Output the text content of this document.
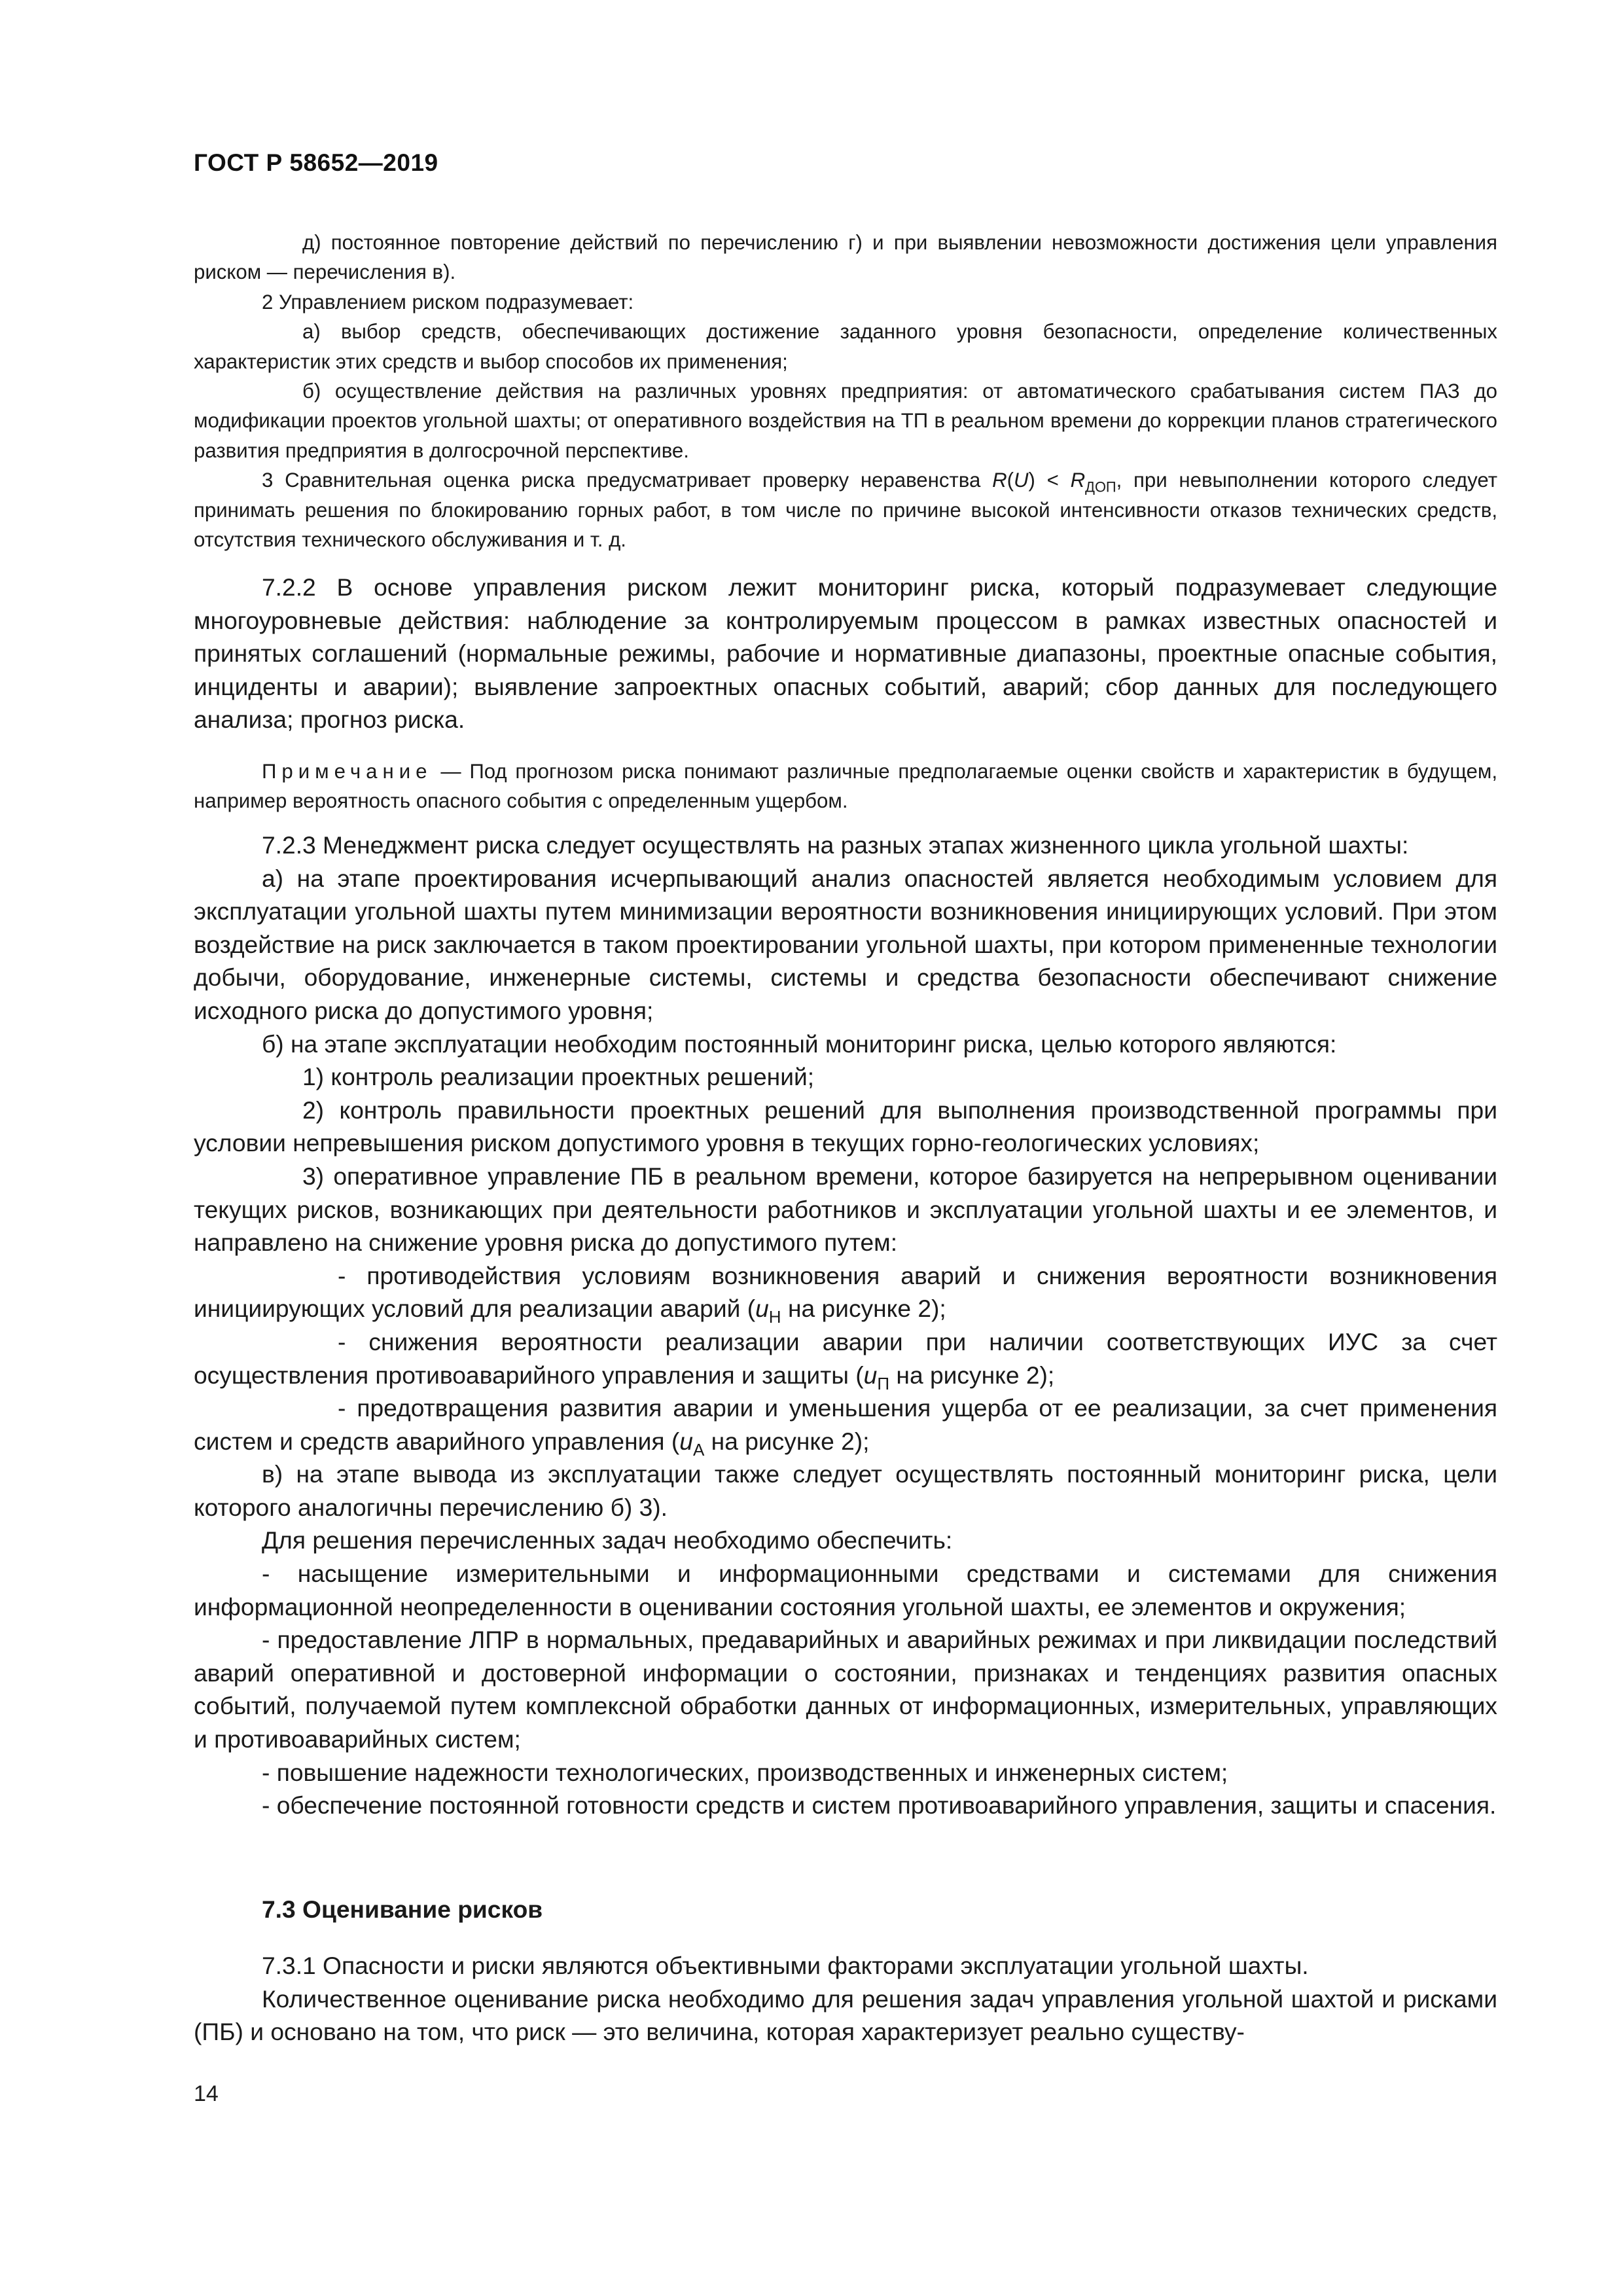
ГОСТ Р 58652—2019

д) постоянное повторение действий по перечислению г) и при выявлении невозможности достижения цели управления риском — перечисления в).

2 Управлением риском подразумевает:

а) выбор средств, обеспечивающих достижение заданного уровня безопасности, определение количественных характеристик этих средств и выбор способов их применения;

б) осуществление действия на различных уровнях предприятия: от автоматического срабатывания систем ПАЗ до модификации проектов угольной шахты; от оперативного воздействия на ТП в реальном времени до коррекции планов стратегического развития предприятия в долгосрочной перспективе.

3 Сравнительная оценка риска предусматривает проверку неравенства $R(U) < R_{ДОП}$, при невыполнении которого следует принимать решения по блокированию горных работ, в том числе по причине высокой интенсивности отказов технических средств, отсутствия технического обслуживания и т. д.

7.2.2 В основе управления риском лежит мониторинг риска, который подразумевает следующие многоуровневые действия: наблюдение за контролируемым процессом в рамках известных опасностей и принятых соглашений (нормальные режимы, рабочие и нормативные диапазоны, проектные опасные события, инциденты и аварии); выявление запроектных опасных событий, аварий; сбор данных для последующего анализа; прогноз риска.

Примечание — Под прогнозом риска понимают различные предполагаемые оценки свойств и характеристик в будущем, например вероятность опасного события с определенным ущербом.

7.2.3 Менеджмент риска следует осуществлять на разных этапах жизненного цикла угольной шахты:

а) на этапе проектирования исчерпывающий анализ опасностей является необходимым условием для эксплуатации угольной шахты путем минимизации вероятности возникновения инициирующих условий. При этом воздействие на риск заключается в таком проектировании угольной шахты, при котором примененные технологии добычи, оборудование, инженерные системы, системы и средства безопасности обеспечивают снижение исходного риска до допустимого уровня;

б) на этапе эксплуатации необходим постоянный мониторинг риска, целью которого являются:

1) контроль реализации проектных решений;

2) контроль правильности проектных решений для выполнения производственной программы при условии непревышения риском допустимого уровня в текущих горно-геологических условиях;

3) оперативное управление ПБ в реальном времени, которое базируется на непрерывном оценивании текущих рисков, возникающих при деятельности работников и эксплуатации угольной шахты и ее элементов, и направлено на снижение уровня риска до допустимого путем:

- противодействия условиям возникновения аварий и снижения вероятности возникновения инициирующих условий для реализации аварий ($u_Н$ на рисунке 2);

- снижения вероятности реализации аварии при наличии соответствующих ИУС за счет осуществления противоаварийного управления и защиты ($u_П$ на рисунке 2);

- предотвращения развития аварии и уменьшения ущерба от ее реализации, за счет применения систем и средств аварийного управления ($u_А$ на рисунке 2);

в) на этапе вывода из эксплуатации также следует осуществлять постоянный мониторинг риска, цели которого аналогичны перечислению б) 3).

Для решения перечисленных задач необходимо обеспечить:

- насыщение измерительными и информационными средствами и системами для снижения информационной неопределенности в оценивании состояния угольной шахты, ее элементов и окружения;

- предоставление ЛПР в нормальных, предаварийных и аварийных режимах и при ликвидации последствий аварий оперативной и достоверной информации о состоянии, признаках и тенденциях развития опасных событий, получаемой путем комплексной обработки данных от информационных, измерительных, управляющих и противоаварийных систем;

- повышение надежности технологических, производственных и инженерных систем;

- обеспечение постоянной готовности средств и систем противоаварийного управления, защиты и спасения.

7.3 Оценивание рисков

7.3.1 Опасности и риски являются объективными факторами эксплуатации угольной шахты.

Количественное оценивание риска необходимо для решения задач управления угольной шахтой и рисками (ПБ) и основано на том, что риск — это величина, которая характеризует реально существу-

14
